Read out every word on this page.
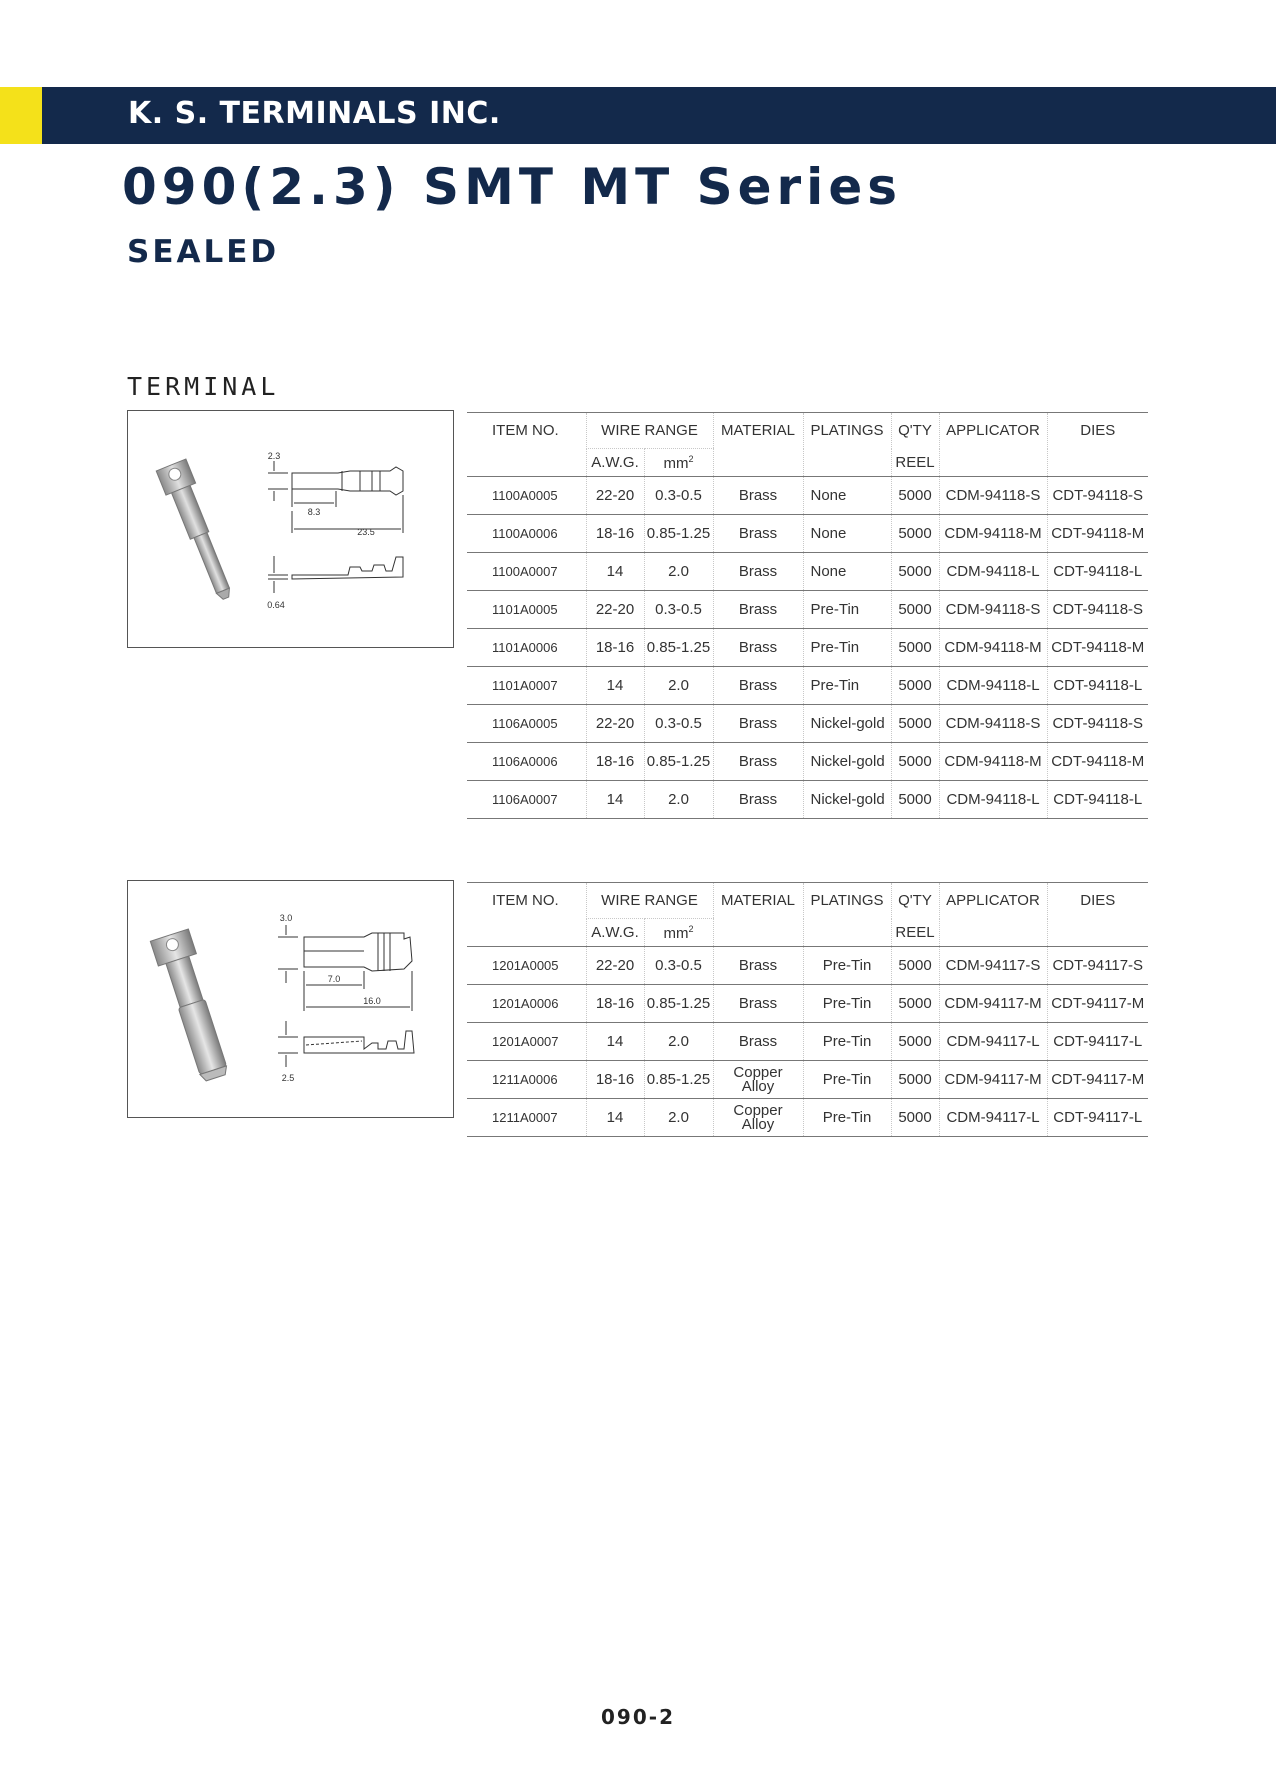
K. S. TERMINALS INC.
090(2.3) SMT MT Series
SEALED
TERMINAL
2.3
8.3
23.5
0.64
ITEM NO.	WIRE RANGE		MATERIAL	PLATINGS	Q'TY	APPLICATOR	DIES
	A.W.G.	$mm^2$			REEL		
1100A0005	22-20	0.3-0.5	Brass	None	5000	CDM-94118-S	CDT-94118-S
1100A0006	18-16	0.85-1.25	Brass	None	5000	CDM-94118-M	CDT-94118-M
1100A0007	14	2.0	Brass	None	5000	CDM-94118-L	CDT-94118-L
1101A0005	22-20	0.3-0.5	Brass	Pre-Tin	5000	CDM-94118-S	CDT-94118-S
1101A0006	18-16	0.85-1.25	Brass	Pre-Tin	5000	CDM-94118-M	CDT-94118-M
1101A0007	14	2.0	Brass	Pre-Tin	5000	CDM-94118-L	CDT-94118-L
1106A0005	22-20	0.3-0.5	Brass	Nickel-gold	5000	CDM-94118-S	CDT-94118-S
1106A0006	18-16	0.85-1.25	Brass	Nickel-gold	5000	CDM-94118-M	CDT-94118-M
1106A0007	14	2.0	Brass	Nickel-gold	5000	CDM-94118-L	CDT-94118-L
ITEM NO.	WIRE RANGE		MATERIAL	PLATINGS	Q'TY	APPLICATOR	DIES
	A.W.G.	$mm^2$			REEL		
1201A0005	22-20	0.3-0.5	Brass	Pre-Tin	5000	CDM-94117-S	CDT-94117-S
1201A0006	18-16	0.85-1.25	Brass	Pre-Tin	5000	CDM-94117-M	CDT-94117-M
1201A0007	14	2.0	Brass	Pre-Tin	5000	CDM-94117-L	CDT-94117-L
1211A0006	18-16	0.85-1.25	Copper
Alloy	Pre-Tin	5000	CDM-94117-M	CDT-94117-M
1211A0007	14	2.0	Copper
Alloy	Pre-Tin	5000	CDM-94117-L	CDT-94117-L
3.0
7.0
16.0
2.5
090-2
